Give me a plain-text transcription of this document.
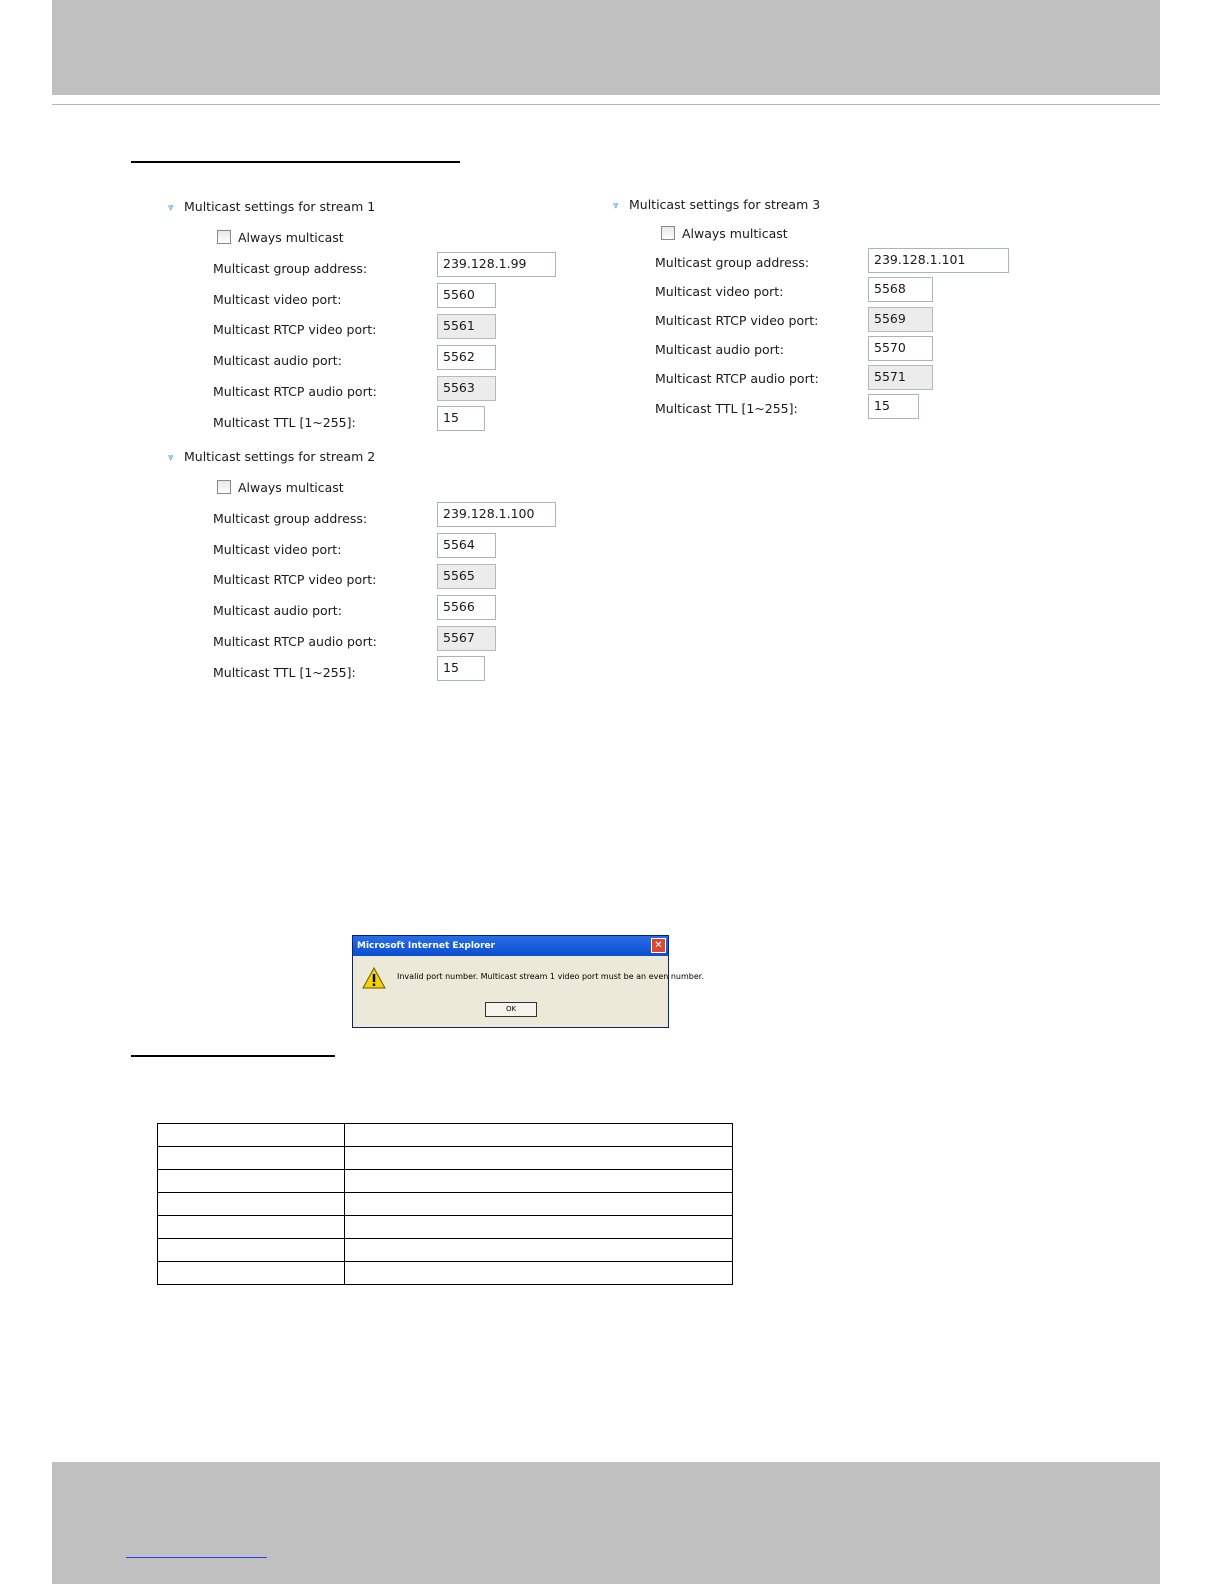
⩔ Multicast settings for stream 1
Always multicast
Multicast group address:	239.128.1.99
Multicast video port:	5560
Multicast RTCP video port:	5561
Multicast audio port:	5562
Multicast RTCP audio port:	5563
Multicast TTL [1~255]:	15
⩔ Multicast settings for stream 2
Always multicast
Multicast group address:	239.128.1.100
Multicast video port:	5564
Multicast RTCP video port:	5565
Multicast audio port:	5566
Multicast RTCP audio port:	5567
Multicast TTL [1~255]:	15
⩔ Multicast settings for stream 3
Always multicast
Multicast group address:	239.128.1.101
Multicast video port:	5568
Multicast RTCP video port:	5569
Multicast audio port:	5570
Multicast RTCP audio port:	5571
Multicast TTL [1~255]:	15
Microsoft Internet Explorer	✕
Invalid port number. Multicast stream 1 video port must be an even number.
OK
